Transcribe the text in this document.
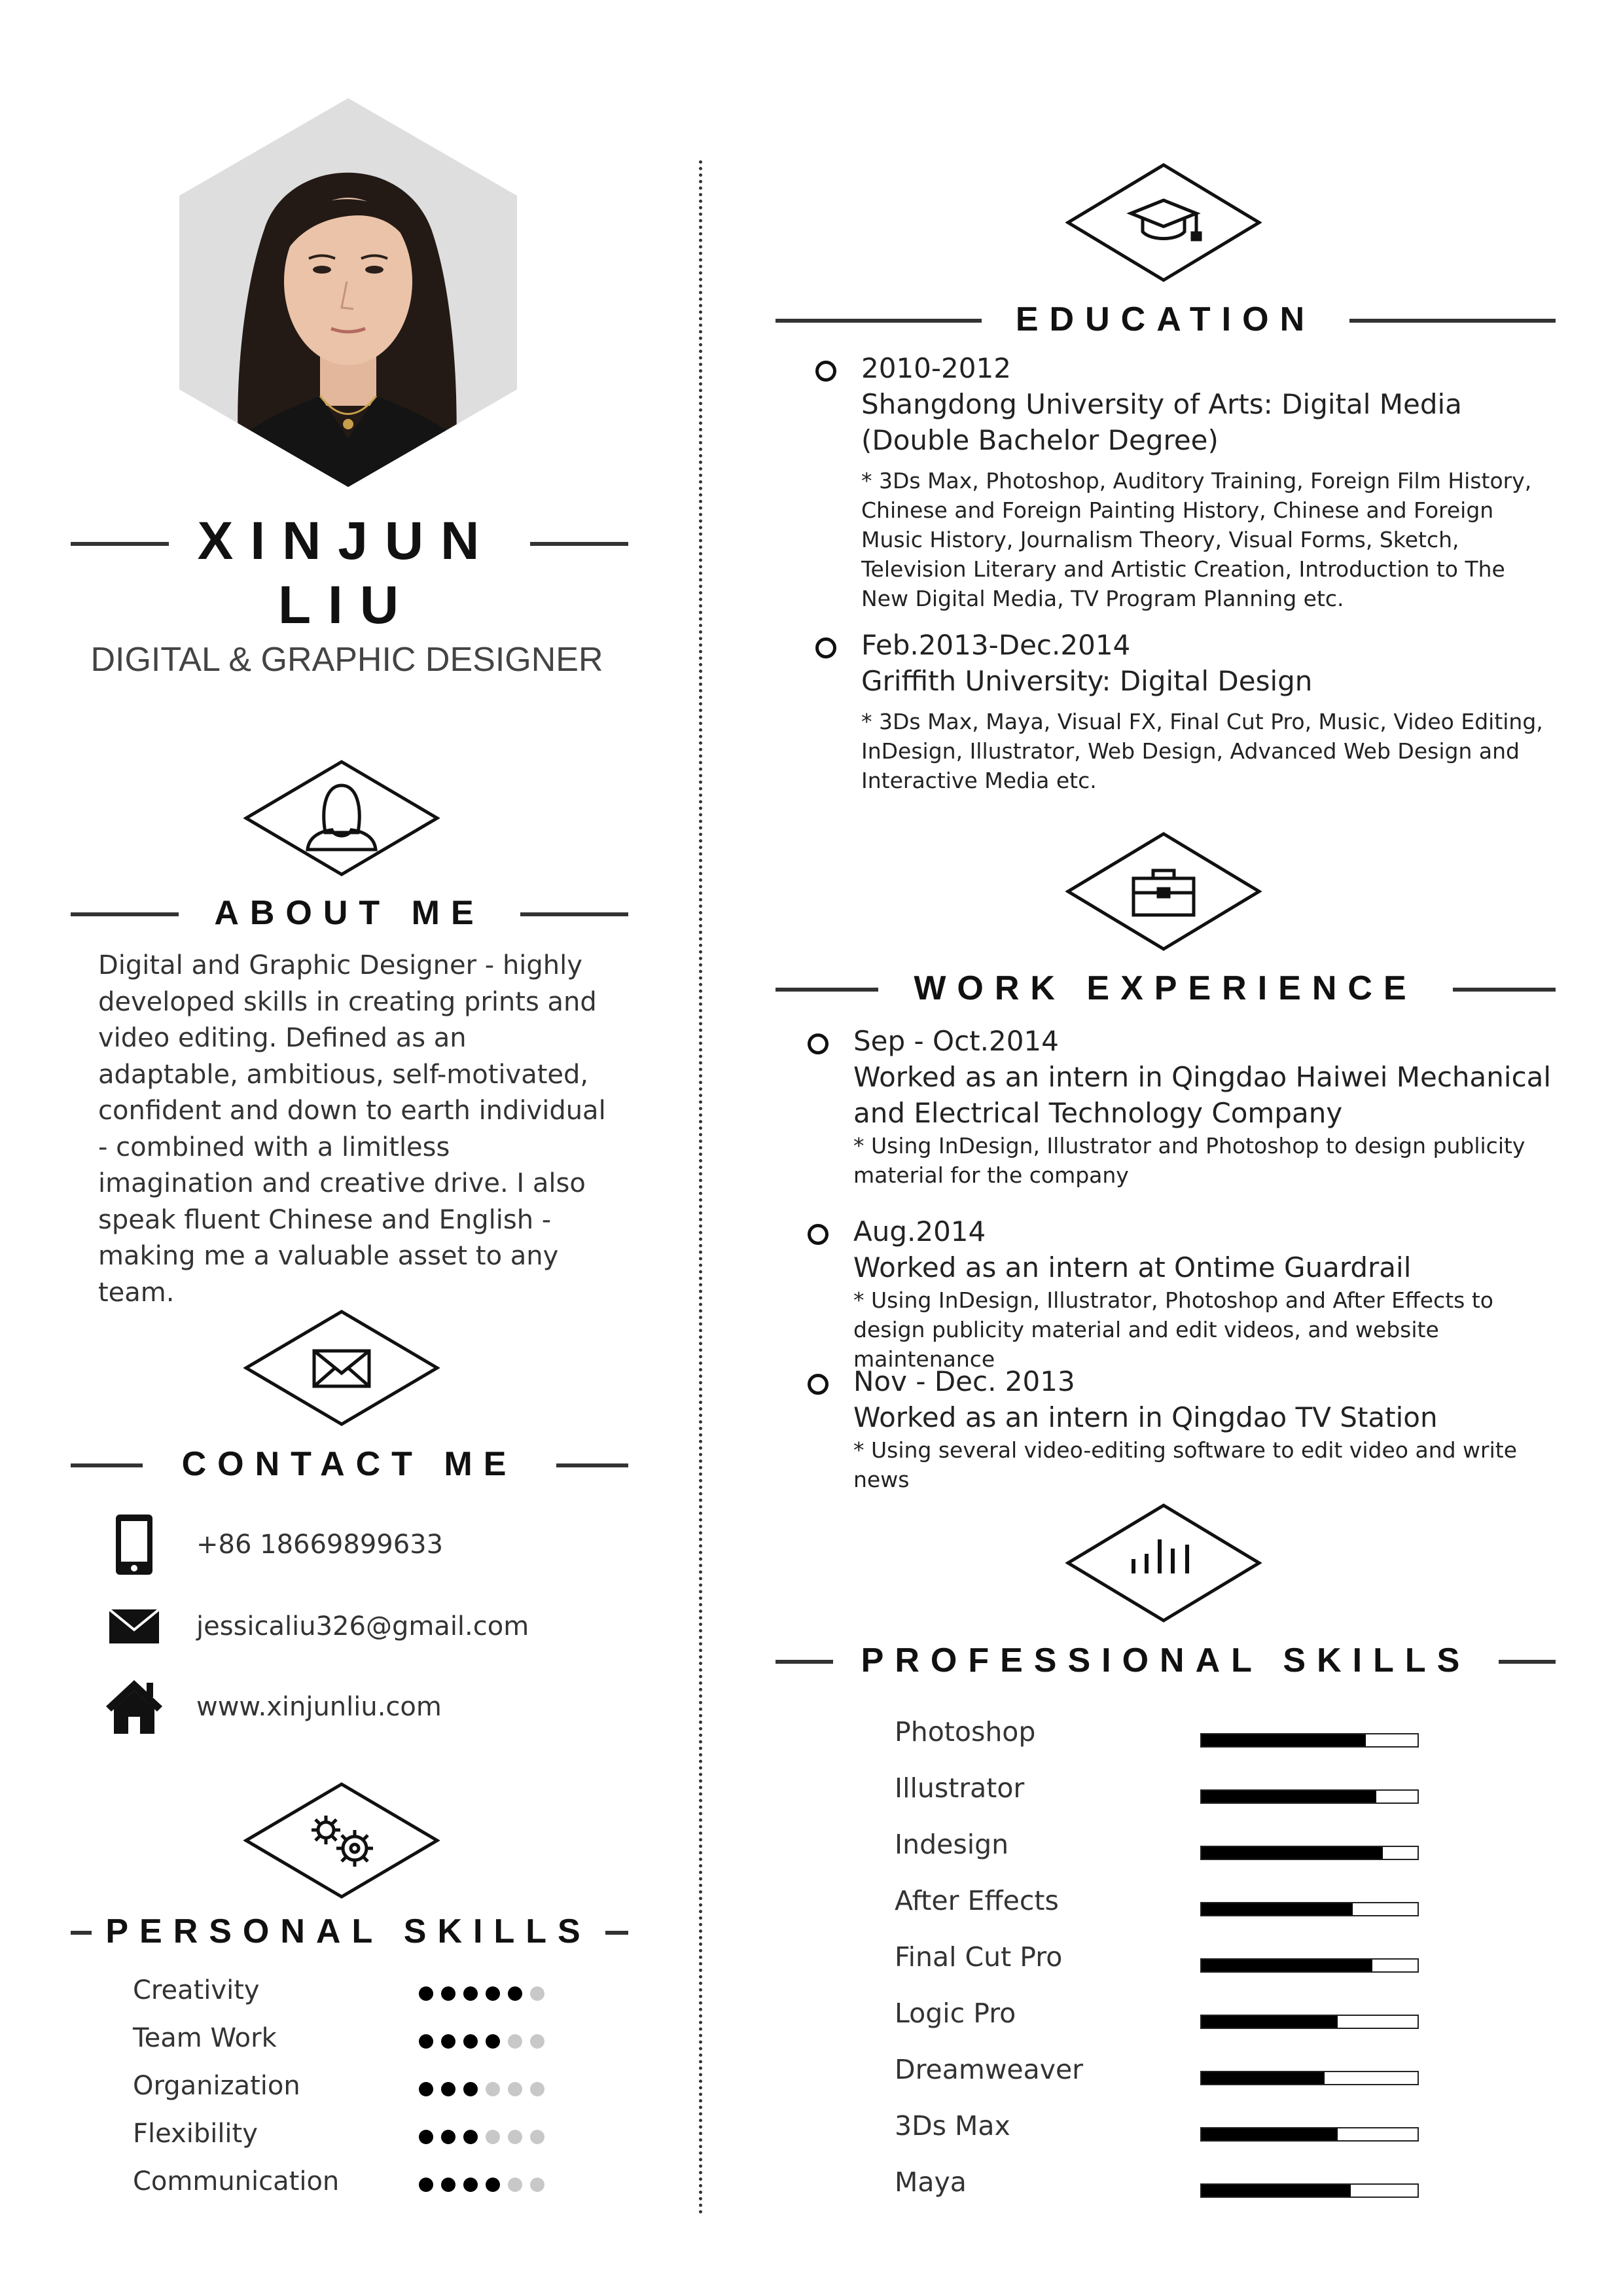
XINJUN
LIU
DIGITAL & GRAPHIC DESIGNER
ABOUT ME
Digital and Graphic Designer - highly developed skills in creating prints and video editing. Defined as an adaptable, ambitious, self-motivated, confident and down to earth individual - combined with a limitless imagination and creative drive. I also speak fluent Chinese and English - making me a valuable asset to any team.
CONTACT ME
+86 18669899633
jessicaliu326@gmail.com
www.xinjunliu.com
PERSONAL SKILLS
Creativity
Team Work
Organization
Flexibility
Communication
EDUCATION
2010-2012
Shangdong University of Arts: Digital Media
(Double Bachelor Degree)
* 3Ds Max, Photoshop, Auditory Training, Foreign Film History, Chinese and Foreign Painting History, Chinese and Foreign Music History, Journalism Theory, Visual Forms, Sketch, Television Literary and Artistic Creation, Introduction to The New Digital Media, TV Program Planning etc.
Feb.2013-Dec.2014
Griffith University: Digital Design
* 3Ds Max, Maya, Visual FX, Final Cut Pro, Music, Video Editing, InDesign, Illustrator, Web Design, Advanced Web Design and Interactive Media etc.
WORK EXPERIENCE
Sep - Oct.2014
Worked as an intern in Qingdao Haiwei Mechanical and Electrical Technology Company
* Using InDesign, Illustrator and Photoshop to design publicity material for the company
Aug.2014
Worked as an intern at Ontime Guardrail
* Using InDesign, Illustrator, Photoshop and After Effects to design publicity material and edit videos, and website maintenance
Nov - Dec. 2013
Worked as an intern in Qingdao TV Station
* Using several video-editing software to edit video and write news
PROFESSIONAL SKILLS
Photoshop
Illustrator
Indesign
After Effects
Final Cut Pro
Logic Pro
Dreamweaver
3Ds Max
Maya
